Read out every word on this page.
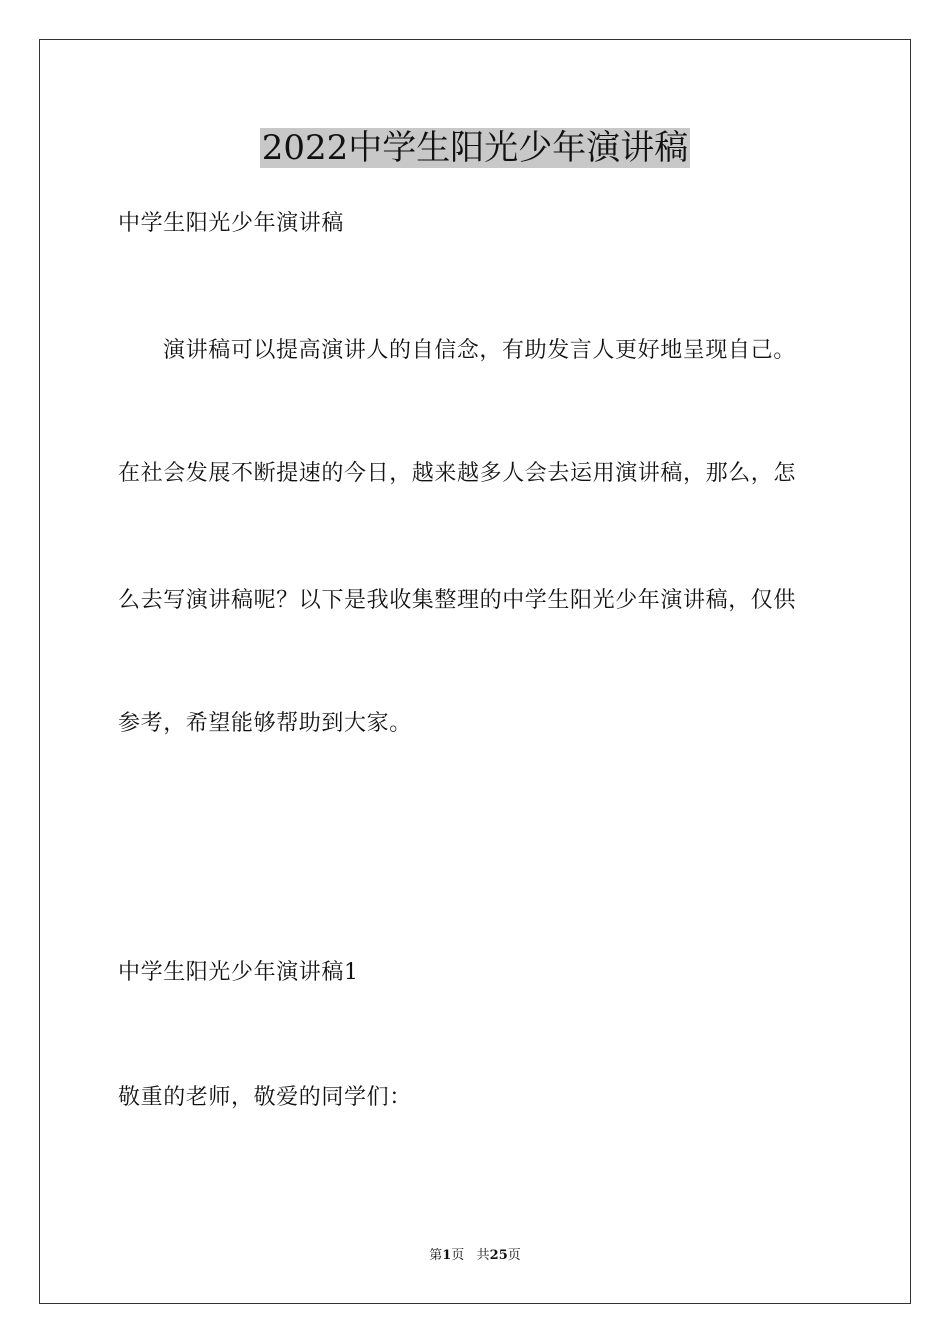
2022中学生阳光少年演讲稿
中学生阳光少年演讲稿
演讲稿可以提高演讲人的自信念，有助发言人更好地呈现自己。
在社会发展不断提速的今日，越来越多人会去运用演讲稿，那么，怎
么去写演讲稿呢？以下是我收集整理的中学生阳光少年演讲稿，仅供
参考，希望能够帮助到大家。
中学生阳光少年演讲稿1
敬重的老师，敬爱的同学们：
第1页   共25页
